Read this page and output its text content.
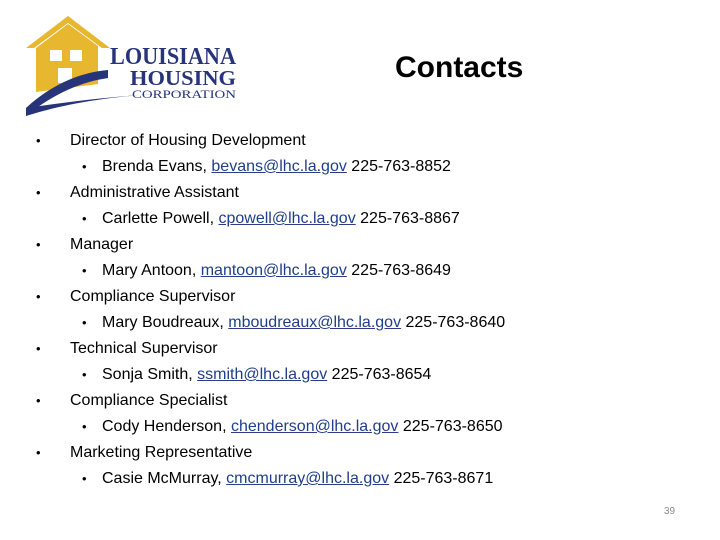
LOUISIANA
HOUSING
CORPORATION
Contacts
• Director of Housing Development
• Brenda Evans, bevans@lhc.la.gov 225-763-8852
• Administrative Assistant
• Carlette Powell, cpowell@lhc.la.gov 225-763-8867
• Manager
• Mary Antoon, mantoon@lhc.la.gov 225-763-8649
• Compliance Supervisor
• Mary Boudreaux, mboudreaux@lhc.la.gov 225-763-8640
• Technical Supervisor
• Sonja Smith, ssmith@lhc.la.gov 225-763-8654
• Compliance Specialist
• Cody Henderson, chenderson@lhc.la.gov 225-763-8650
• Marketing Representative
• Casie McMurray, cmcmurray@lhc.la.gov 225-763-8671
39
